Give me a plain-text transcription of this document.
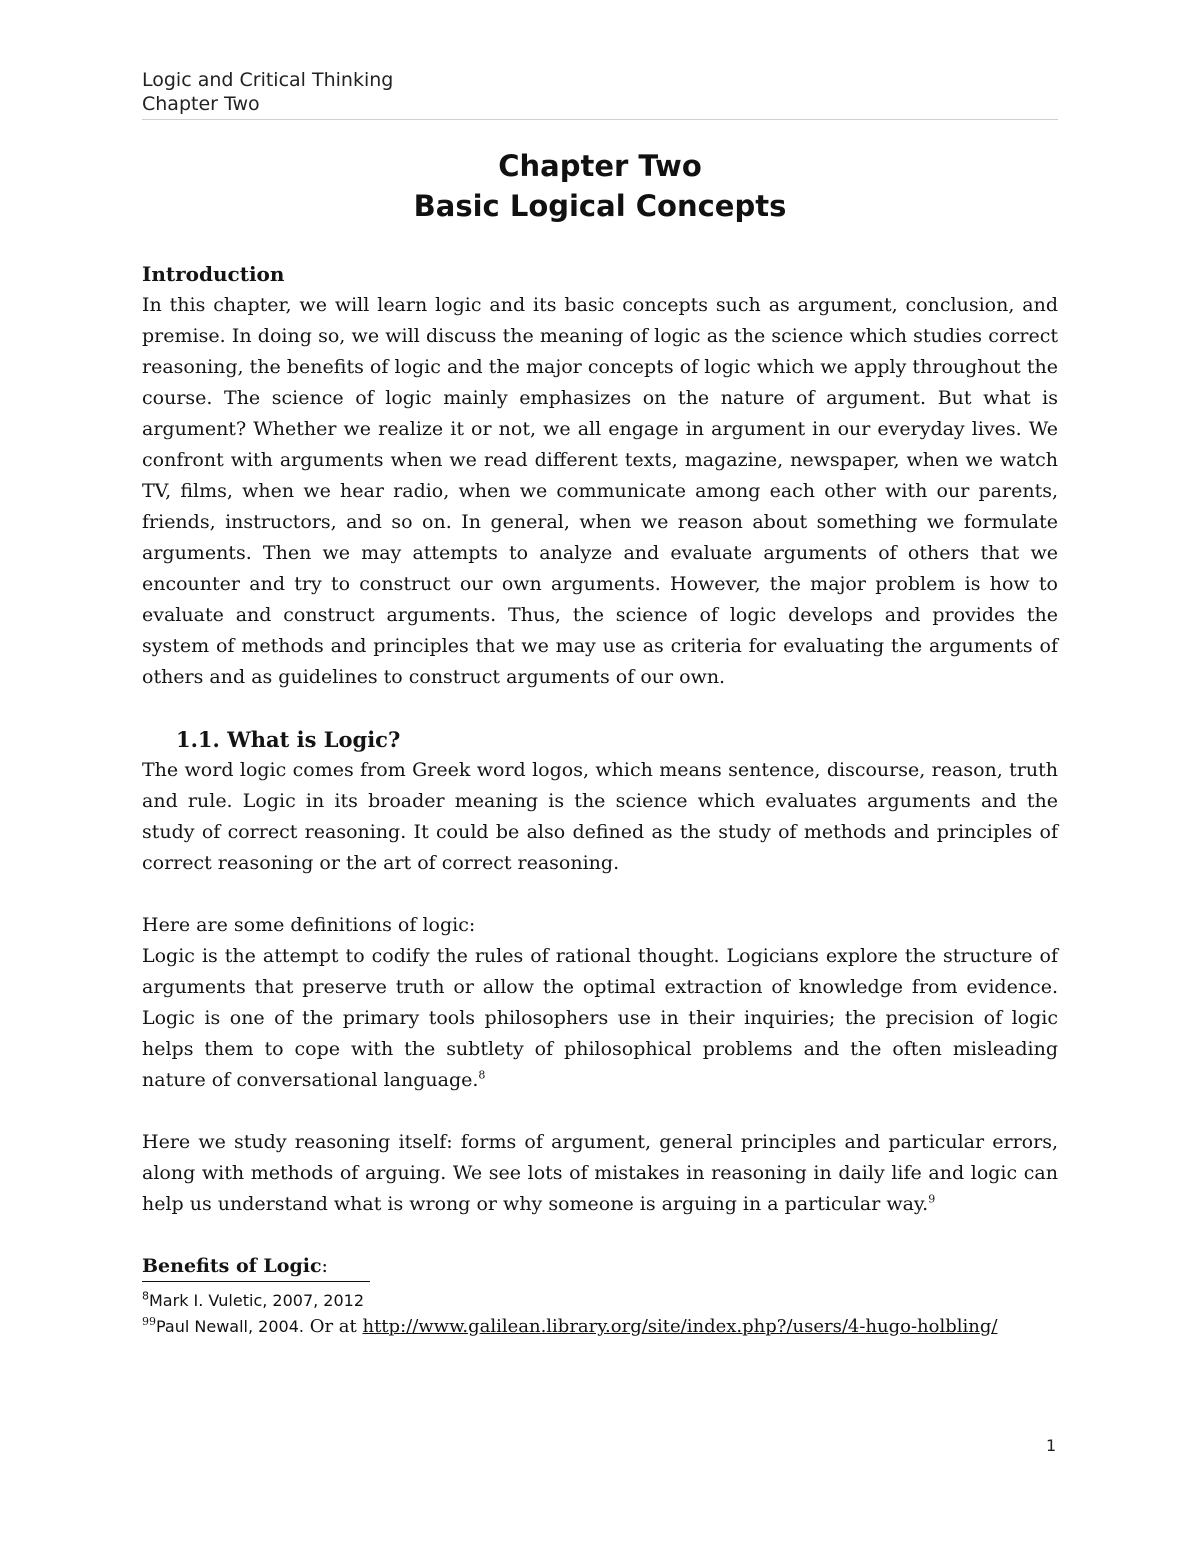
Logic and Critical Thinking
Chapter Two
Chapter Two
Basic Logical Concepts
Introduction

In this chapter, we will learn logic and its basic concepts such as argument, conclusion, and premise. In doing so, we will discuss the meaning of logic as the science which studies correct reasoning, the benefits of logic and the major concepts of logic which we apply throughout the course. The science of logic mainly emphasizes on the nature of argument. But what is argument? Whether we realize it or not, we all engage in argument in our everyday lives. We confront with arguments when we read different texts, magazine, newspaper, when we watch TV, films, when we hear radio, when we communicate among each other with our parents, friends, instructors, and so on. In general, when we reason about something we formulate arguments. Then we may attempts to analyze and evaluate arguments of others that we encounter and try to construct our own arguments. However, the major problem is how to evaluate and construct arguments. Thus, the science of logic develops and provides the system of methods and principles that we may use as criteria for evaluating the arguments of others and as guidelines to construct arguments of our own.

1.1. What is Logic?

The word logic comes from Greek word logos, which means sentence, discourse, reason, truth and rule. Logic in its broader meaning is the science which evaluates arguments and the study of correct reasoning. It could be also defined as the study of methods and principles of correct reasoning or the art of correct reasoning.

Here are some definitions of logic:

Logic is the attempt to codify the rules of rational thought. Logicians explore the structure of arguments that preserve truth or allow the optimal extraction of knowledge from evidence. Logic is one of the primary tools philosophers use in their inquiries; the precision of logic helps them to cope with the subtlety of philosophical problems and the often misleading nature of conversational language.$^8$

Here we study reasoning itself: forms of argument, general principles and particular errors, along with methods of arguing. We see lots of mistakes in reasoning in daily life and logic can help us understand what is wrong or why someone is arguing in a particular way.$^9$

Benefits of Logic:
$^8$Mark I. Vuletic, 2007, 2012
$^{99}$Paul Newall, 2004. Or at http://www.galilean.library.org/site/index.php?/users/4-hugo-holbling/
1
